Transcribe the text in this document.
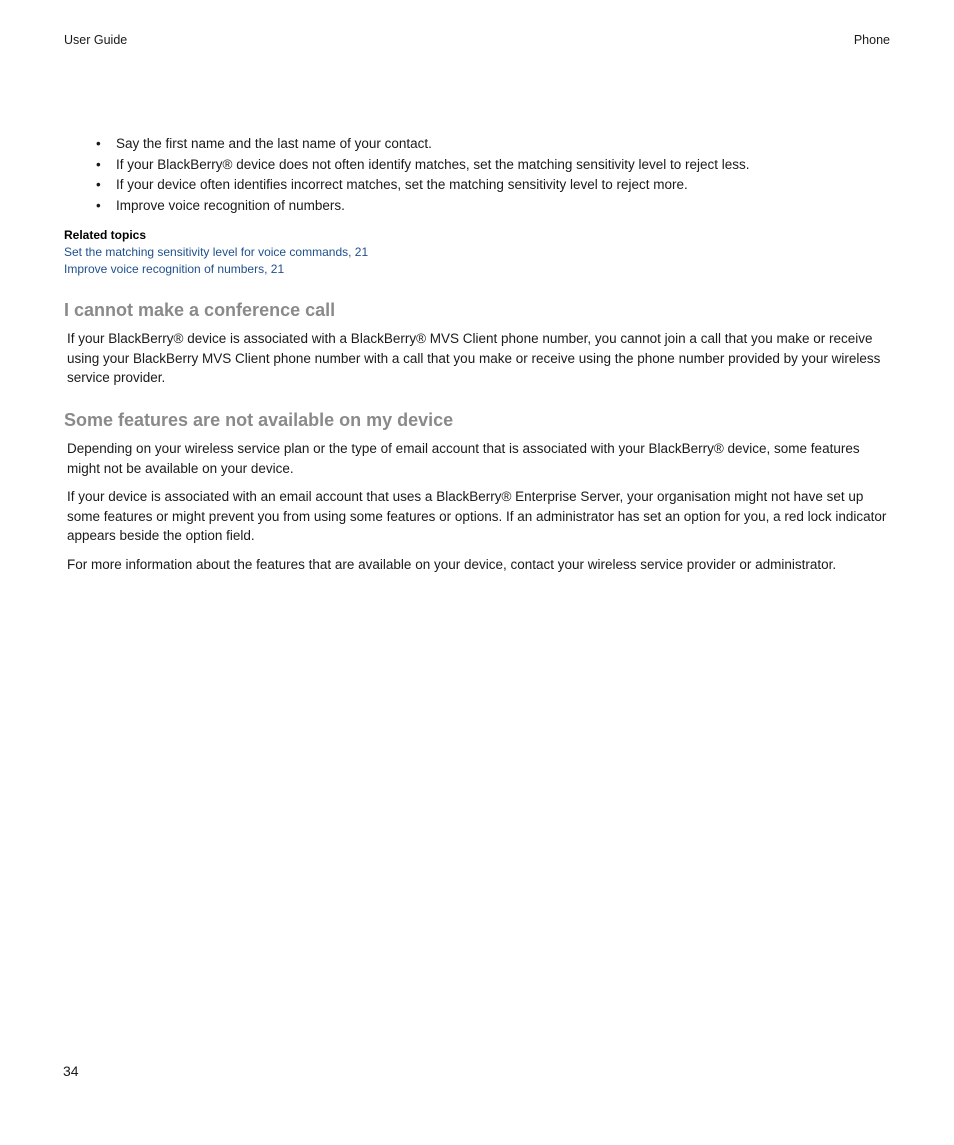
User Guide	Phone
• Say the first name and the last name of your contact.
• If your BlackBerry® device does not often identify matches, set the matching sensitivity level to reject less.
• If your device often identifies incorrect matches, set the matching sensitivity level to reject more.
• Improve voice recognition of numbers.
Related topics
Set the matching sensitivity level for voice commands, 21
Improve voice recognition of numbers, 21
I cannot make a conference call

If your BlackBerry® device is associated with a BlackBerry® MVS Client phone number, you cannot join a call that you make or receive using your BlackBerry MVS Client phone number with a call that you make or receive using the phone number provided by your wireless service provider.

Some features are not available on my device

Depending on your wireless service plan or the type of email account that is associated with your BlackBerry® device, some features might not be available on your device.

If your device is associated with an email account that uses a BlackBerry® Enterprise Server, your organisation might not have set up some features or might prevent you from using some features or options. If an administrator has set an option for you, a red lock indicator appears beside the option field.

For more information about the features that are available on your device, contact your wireless service provider or administrator.

34
